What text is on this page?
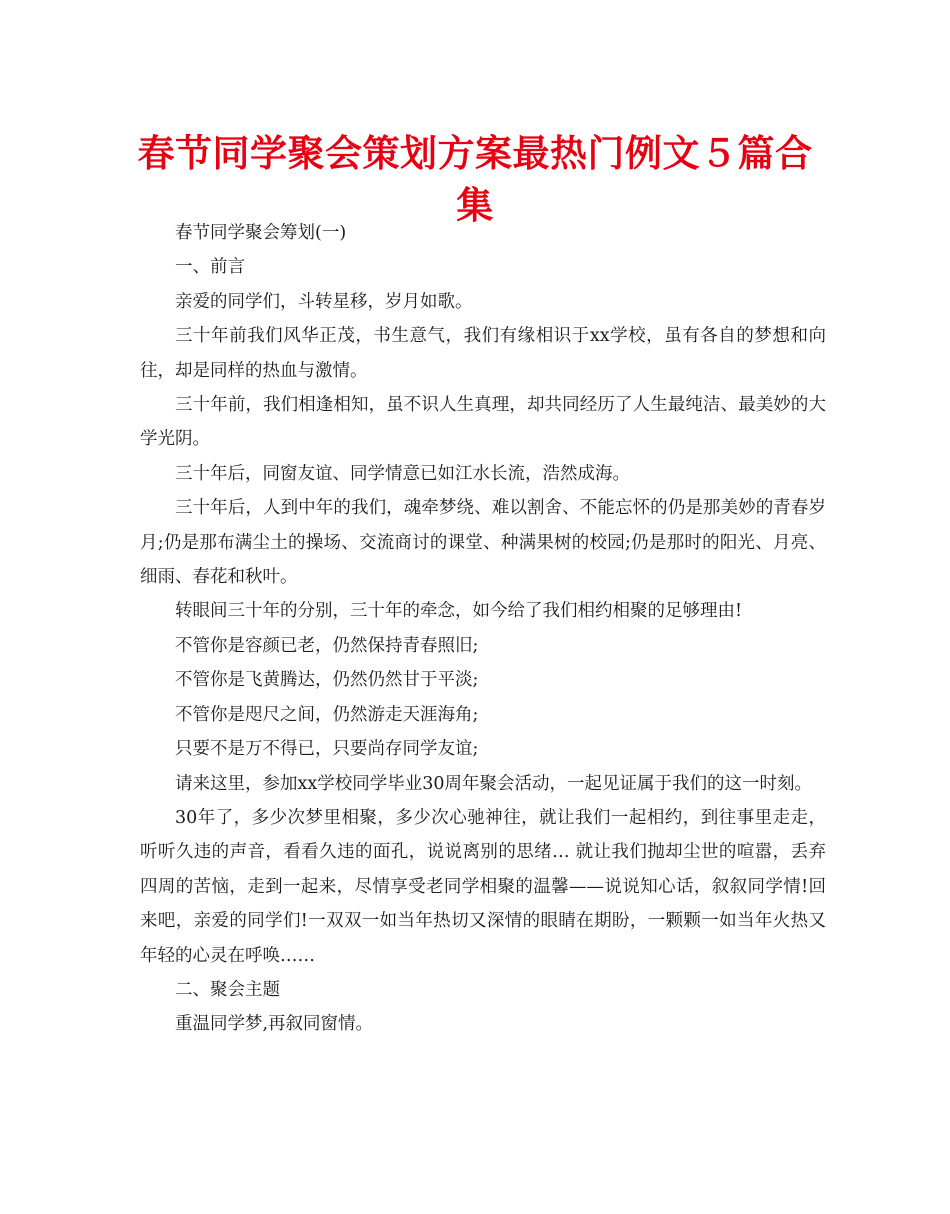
春节同学聚会策划方案最热门例文５篇合集

春节同学聚会筹划(一)

一、前言

亲爱的同学们，斗转星移，岁月如歌。

三十年前我们风华正茂，书生意气，我们有缘相识于xx学校，虽有各自的梦想和向往，却是同样的热血与激情。

三十年前，我们相逢相知，虽不识人生真理，却共同经历了人生最纯洁、最美妙的大学光阴。

三十年后，同窗友谊、同学情意已如江水长流，浩然成海。

三十年后，人到中年的我们，魂牵梦绕、难以割舍、不能忘怀的仍是那美妙的青春岁月;仍是那布满尘土的操场、交流商讨的课堂、种满果树的校园;仍是那时的阳光、月亮、细雨、春花和秋叶。

转眼间三十年的分别，三十年的牵念，如今给了我们相约相聚的足够理由!

不管你是容颜已老，仍然保持青春照旧;

不管你是飞黄腾达，仍然仍然甘于平淡;

不管你是咫尺之间，仍然游走天涯海角;

只要不是万不得已，只要尚存同学友谊;

请来这里，参加xx学校同学毕业30周年聚会活动，一起见证属于我们的这一时刻。

30年了，多少次梦里相聚，多少次心驰神往，就让我们一起相约，到往事里走走，听听久违的声音，看看久违的面孔，说说离别的思绪… 就让我们抛却尘世的喧嚣，丢弃四周的苦恼，走到一起来，尽情享受老同学相聚的温馨——说说知心话，叙叙同学情!回来吧，亲爱的同学们!一双双一如当年热切又深情的眼睛在期盼，一颗颗一如当年火热又年轻的心灵在呼唤……

二、聚会主题

重温同学梦,再叙同窗情。
